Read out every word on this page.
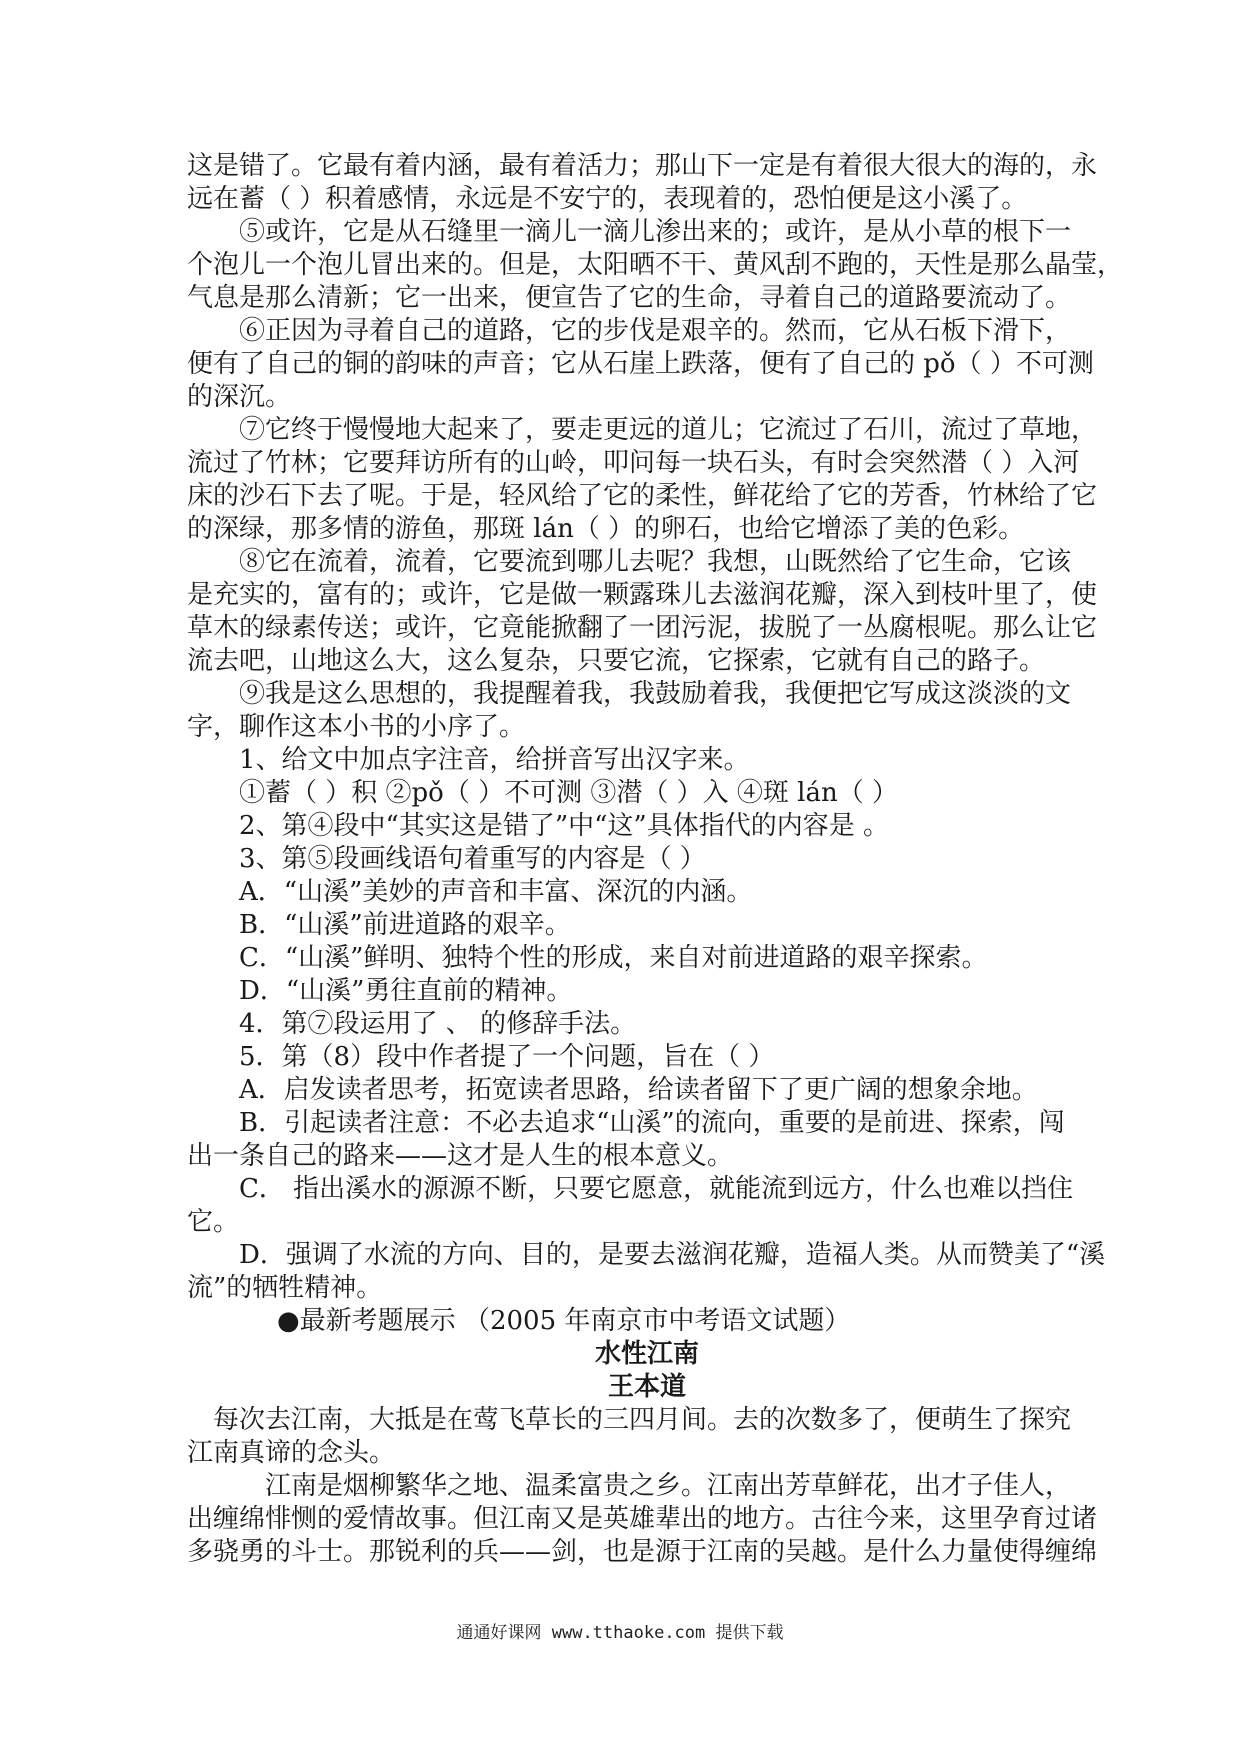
这是错了。它最有着内涵，最有着活力；那山下一定是有着很大很大的海的，永

远在蓄（ ）积着感情，永远是不安宁的，表现着的，恐怕便是这小溪了。

⑤或许，它是从石缝里一滴儿一滴儿渗出来的；或许，是从小草的根下一

个泡儿一个泡儿冒出来的。但是，太阳晒不干、黄风刮不跑的，天性是那么晶莹，

气息是那么清新；它一出来，便宣告了它的生命，寻着自己的道路要流动了。

⑥正因为寻着自己的道路，它的步伐是艰辛的。然而，它从石板下滑下，

便有了自己的铜的韵味的声音；它从石崖上跌落，便有了自己的 pǒ（ ）不可测

的深沉。

⑦它终于慢慢地大起来了，要走更远的道儿；它流过了石川，流过了草地，

流过了竹林；它要拜访所有的山岭，叩问每一块石头，有时会突然潜（ ）入河

床的沙石下去了呢。于是，轻风给了它的柔性，鲜花给了它的芳香，竹林给了它

的深绿，那多情的游鱼，那斑 lán（ ）的卵石，也给它增添了美的色彩。

⑧它在流着，流着，它要流到哪儿去呢？我想，山既然给了它生命，它该

是充实的，富有的；或许，它是做一颗露珠儿去滋润花瓣，深入到枝叶里了，使

草木的绿素传送；或许，它竟能掀翻了一团污泥，拔脱了一丛腐根呢。那么让它

流去吧，山地这么大，这么复杂，只要它流，它探索，它就有自己的路子。

⑨我是这么思想的，我提醒着我，我鼓励着我，我便把它写成这淡淡的文

字，聊作这本小书的小序了。

1、给文中加点字注音，给拼音写出汉字来。

①蓄（ ）积 ②pǒ（ ）不可测 ③潜（ ）入 ④斑 lán（ ）

2、第④段中“其实这是错了”中“这”具体指代的内容是 。

3、第⑤段画线语句着重写的内容是（ ）

A．“山溪”美妙的声音和丰富、深沉的内涵。

B．“山溪”前进道路的艰辛。

C．“山溪”鲜明、独特个性的形成，来自对前进道路的艰辛探索。

D．“山溪”勇往直前的精神。

4．第⑦段运用了 、 的修辞手法。

5．第（8）段中作者提了一个问题，旨在（ ）

A．启发读者思考，拓宽读者思路，给读者留下了更广阔的想象余地。

B．引起读者注意：不必去追求“山溪”的流向，重要的是前进、探索，闯

出一条自己的路来——这才是人生的根本意义。

C． 指出溪水的源源不断，只要它愿意，就能流到远方，什么也难以挡住

它。

D．强调了水流的方向、目的，是要去滋润花瓣，造福人类。从而赞美了“溪

流”的牺牲精神。

●最新考题展示 （2005 年南京市中考语文试题）

水性江南

王本道

每次去江南，大抵是在莺飞草长的三四月间。去的次数多了，便萌生了探究

江南真谛的念头。

江南是烟柳繁华之地、温柔富贵之乡。江南出芳草鲜花，出才子佳人，

出缠绵悱恻的爱情故事。但江南又是英雄辈出的地方。古往今来，这里孕育过诸

多骁勇的斗士。那锐利的兵——剑，也是源于江南的吴越。是什么力量使得缠绵

通通好课网 www.tthaoke.com 提供下载
